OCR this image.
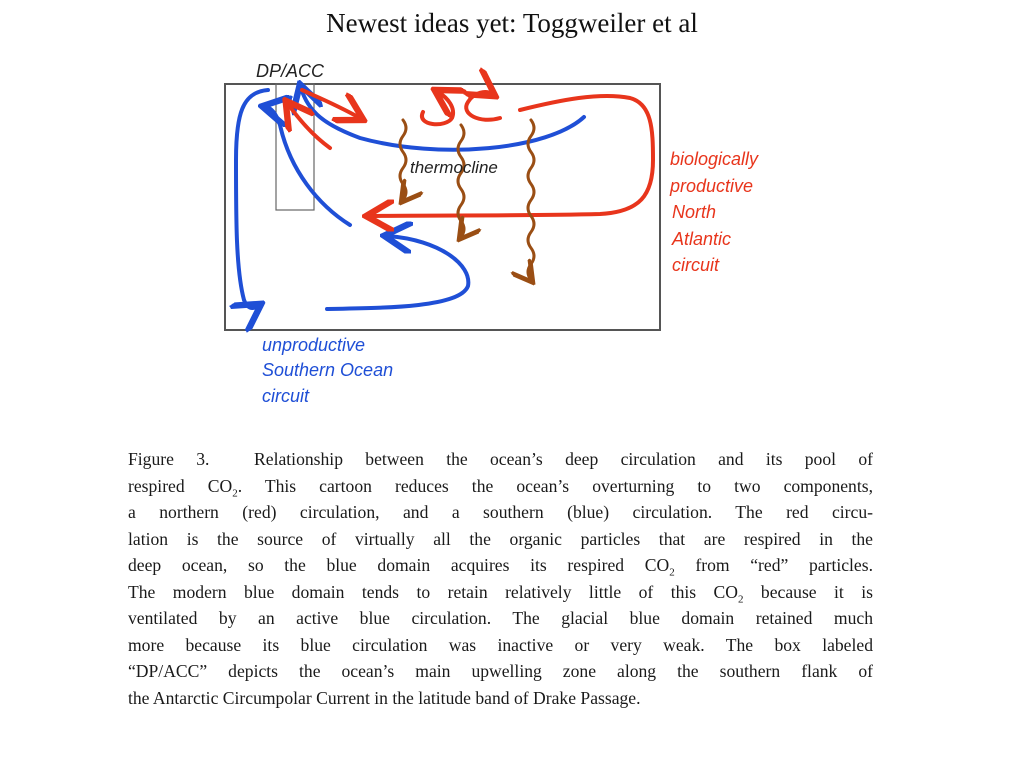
Newest ideas yet: Toggweiler et al
DP/ACC
thermocline	biologically
productive
North
Atlantic
circuit
unproductive
Southern Ocean
circuit
Figure 3.	Relationship between the ocean’s deep circulation and its pool of
respired $CO_2$. This cartoon reduces the ocean’s overturning to two components,
a northern (red) circulation, and a southern (blue) circulation. The red circu-
lation is the source of virtually all the organic particles that are respired in the
deep ocean, so the blue domain acquires its respired $CO_2$ from “red” particles.
The modern blue domain tends to retain relatively little of this $CO_2$ because it is
ventilated by an active blue circulation. The glacial blue domain retained much
more because its blue circulation was inactive or very weak. The box labeled
“DP/ACC” depicts the ocean’s main upwelling zone along the southern flank of
the Antarctic Circumpolar Current in the latitude band of Drake Passage.
